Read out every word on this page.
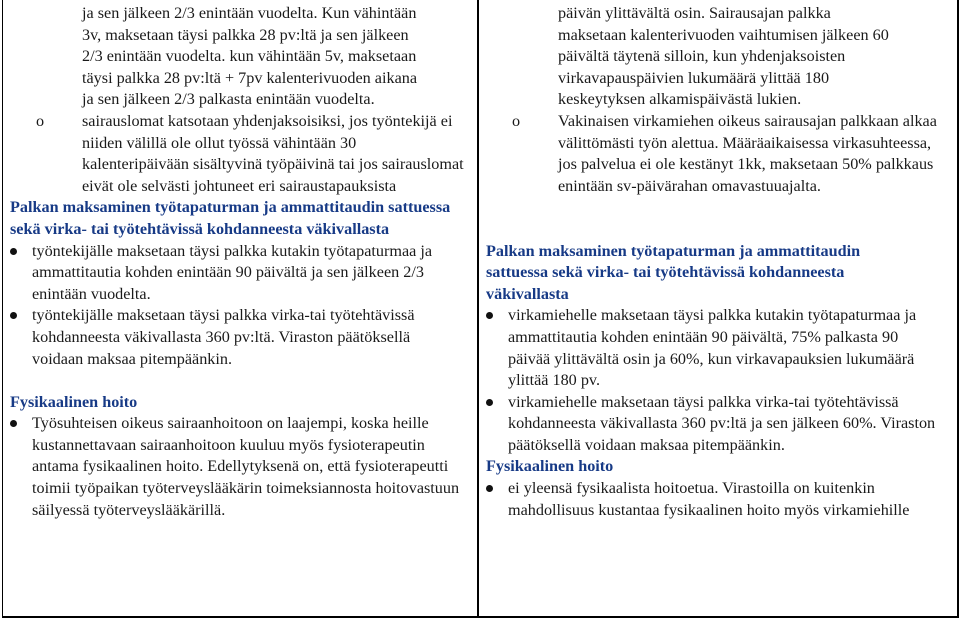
ja sen jälkeen 2/3 enintään vuodelta. Kun vähintään
3v, maksetaan täysi palkka 28 pv:ltä ja sen jälkeen
2/3 enintään vuodelta. kun vähintään 5v, maksetaan
täysi palkka 28 pv:ltä + 7pv kalenterivuoden aikana
ja sen jälkeen 2/3 palkasta enintään vuodelta.
o sairauslomat katsotaan yhdenjaksoisiksi, jos työntekijä ei niiden välillä ole ollut työssä vähintään 30 kalenteripäivään sisältyvinä työpäivinä tai jos sairauslomat eivät ole selvästi johtuneet eri sairaustapauksista
Palkan maksaminen työtapaturman ja ammattitaudin sattuessa sekä virka- tai työtehtävissä kohdanneesta väkivallasta
työntekijälle maksetaan täysi palkka kutakin työtapaturmaa ja ammattitautia kohden enintään 90 päivältä ja sen jälkeen 2/3 enintään vuodelta.
työntekijälle maksetaan täysi palkka virka-tai työtehtävissä kohdanneesta väkivallasta 360 pv:ltä. Viraston päätöksellä voidaan maksaa pitempäänkin.
Fysikaalinen hoito
Työsuhteisen oikeus sairaanhoitoon on laajempi, koska heille kustannettavaan sairaanhoitoon kuuluu myös fysioterapeutin antama fysikaalinen hoito. Edellytyksenä on, että fysioterapeutti toimii työpaikan työterveyslääkärin toimeksiannosta hoitovastuun säilyessä työterveyslääkärillä.
päivän ylittävältä osin. Sairausajan palkka
maksetaan kalenterivuoden vaihtumisen jälkeen 60
päivältä täytenä silloin, kun yhdenjaksoisten
virkavapauspäivien lukumäärä ylittää 180
keskeytyksen alkamispäivästä lukien.
o Vakinaisen virkamiehen oikeus sairausajan palkkaan alkaa välittömästi työn alettua. Määräaikaisessa virkasuhteessa, jos palvelua ei ole kestänyt 1kk, maksetaan 50% palkkaus enintään sv-päivärahan omavastuuajalta.
Palkan maksaminen työtapaturman ja ammattitaudin sattuessa sekä virka- tai työtehtävissä kohdanneesta väkivallasta
virkamiehelle maksetaan täysi palkka kutakin työtapaturmaa ja ammattitautia kohden enintään 90 päivältä, 75% palkasta 90 päivää ylittävältä osin ja 60%, kun virkavapauksien lukumäärä ylittää 180 pv.
virkamiehelle maksetaan täysi palkka virka-tai työtehtävissä kohdanneesta väkivallasta 360 pv:ltä ja sen jälkeen 60%. Viraston päätöksellä voidaan maksaa pitempäänkin.
Fysikaalinen hoito
ei yleensä fysikaalista hoitoetua. Virastoilla on kuitenkin mahdollisuus kustantaa fysikaalinen hoito myös virkamiehille
